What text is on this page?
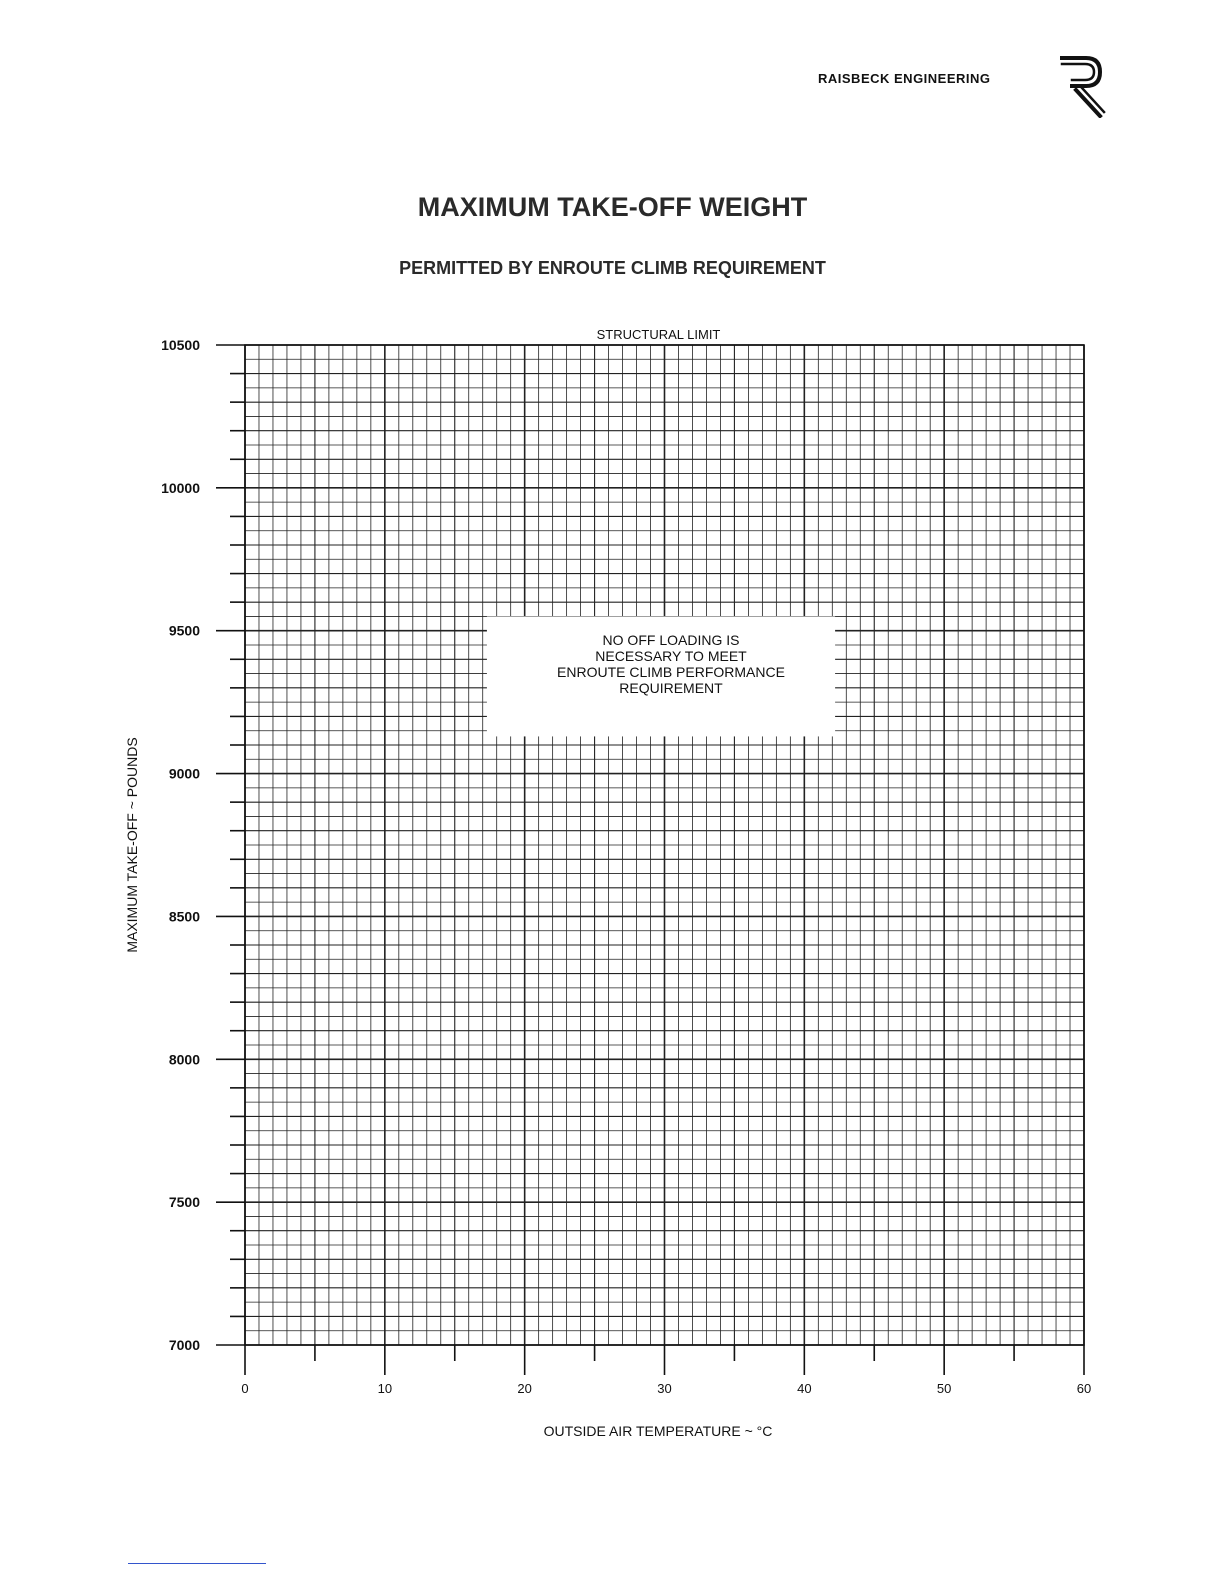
RAISBECK ENGINEERING
MAXIMUM TAKE-OFF WEIGHT
PERMITTED BY ENROUTE CLIMB REQUIREMENT
STRUCTURAL LIMIT
NO OFF LOADING IS
NECESSARY TO MEET
ENROUTE CLIMB PERFORMANCE
REQUIREMENT
7000
7500
8000
8500
9000
9500
10000
10500
0	10	20	30	40	50	60
OUTSIDE AIR TEMPERATURE ~ °C
MAXIMUM TAKE-OFF ~ POUNDS
